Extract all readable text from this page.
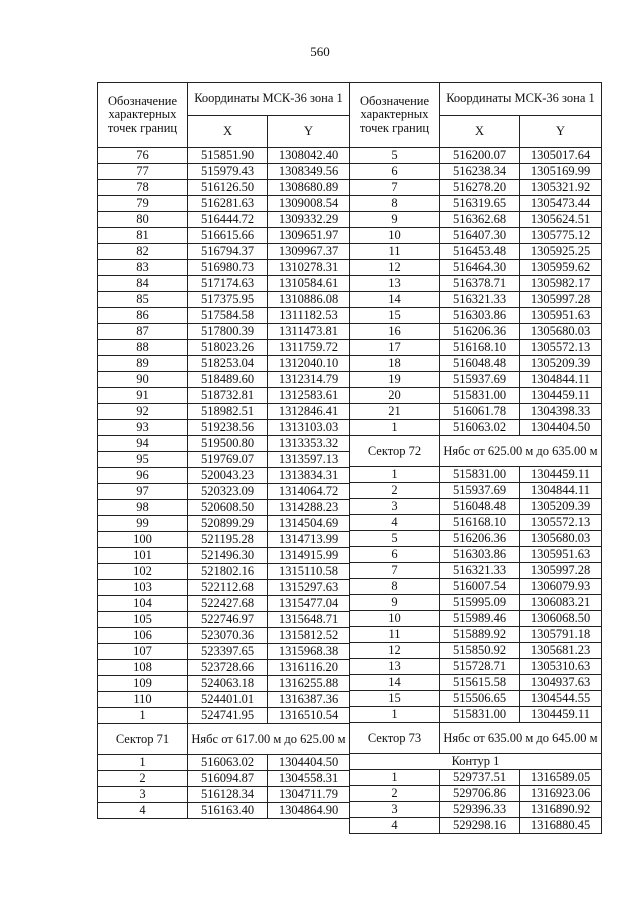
560
Обозначение характерных точек границ	Координаты МСК-36 зона 1	
	X	Y
76	515851.90	1308042.40
77	515979.43	1308349.56
78	516126.50	1308680.89
79	516281.63	1309008.54
80	516444.72	1309332.29
81	516615.66	1309651.97
82	516794.37	1309967.37
83	516980.73	1310278.31
84	517174.63	1310584.61
85	517375.95	1310886.08
86	517584.58	1311182.53
87	517800.39	1311473.81
88	518023.26	1311759.72
89	518253.04	1312040.10
90	518489.60	1312314.79
91	518732.81	1312583.61
92	518982.51	1312846.41
93	519238.56	1313103.03
94	519500.80	1313353.32
95	519769.07	1313597.13
96	520043.23	1313834.31
97	520323.09	1314064.72
98	520608.50	1314288.23
99	520899.29	1314504.69
100	521195.28	1314713.99
101	521496.30	1314915.99
102	521802.16	1315110.58
103	522112.68	1315297.63
104	522427.68	1315477.04
105	522746.97	1315648.71
106	523070.36	1315812.52
107	523397.65	1315968.38
108	523728.66	1316116.20
109	524063.18	1316255.88
110	524401.01	1316387.36
1	524741.95	1316510.54
Сектор 71	Нябс от 617.00 м до 625.00 м	
1	516063.02	1304404.50
2	516094.87	1304558.31
3	516128.34	1304711.79
4	516163.40	1304864.90
Обозначение характерных точек границ	Координаты МСК-36 зона 1	
	X	Y
5	516200.07	1305017.64
6	516238.34	1305169.99
7	516278.20	1305321.92
8	516319.65	1305473.44
9	516362.68	1305624.51
10	516407.30	1305775.12
11	516453.48	1305925.25
12	516464.30	1305959.62
13	516378.71	1305982.17
14	516321.33	1305997.28
15	516303.86	1305951.63
16	516206.36	1305680.03
17	516168.10	1305572.13
18	516048.48	1305209.39
19	515937.69	1304844.11
20	515831.00	1304459.11
21	516061.78	1304398.33
1	516063.02	1304404.50
Сектор 72	Нябс от 625.00 м до 635.00 м	
1	515831.00	1304459.11
2	515937.69	1304844.11
3	516048.48	1305209.39
4	516168.10	1305572.13
5	516206.36	1305680.03
6	516303.86	1305951.63
7	516321.33	1305997.28
8	516007.54	1306079.93
9	515995.09	1306083.21
10	515989.46	1306068.50
11	515889.92	1305791.18
12	515850.92	1305681.23
13	515728.71	1305310.63
14	515615.58	1304937.63
15	515506.65	1304544.55
1	515831.00	1304459.11
Сектор 73	Нябс от 635.00 м до 645.00 м	
Контур 1		
1	529737.51	1316589.05
2	529706.86	1316923.06
3	529396.33	1316890.92
4	529298.16	1316880.45
